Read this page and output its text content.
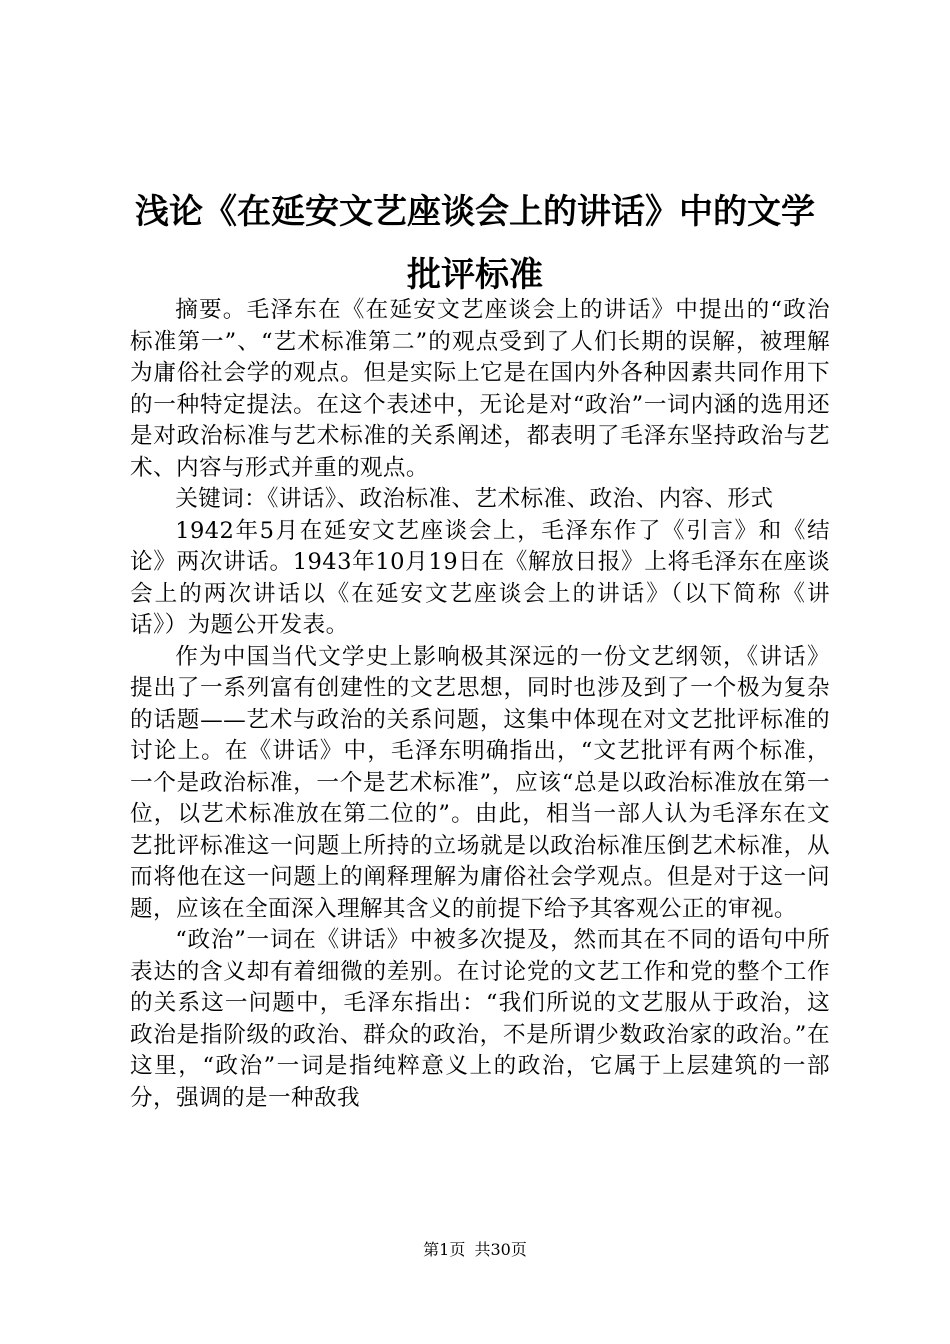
浅论《在延安文艺座谈会上的讲话》中的文学
批评标准

摘要。毛泽东在《在延安文艺座谈会上的讲话》中提出的“政治标准第一”、“艺术标准第二”的观点受到了人们长期的误解，被理解为庸俗社会学的观点。但是实际上它是在国内外各种因素共同作用下的一种特定提法。在这个表述中，无论是对“政治”一词内涵的选用还是对政治标准与艺术标准的关系阐述，都表明了毛泽东坚持政治与艺术、内容与形式并重的观点。

关键词：《讲话》、政治标准、艺术标准、政治、内容、形式

1942年5月在延安文艺座谈会上，毛泽东作了《引言》和《结论》两次讲话。1943年10月19日在《解放日报》上将毛泽东在座谈会上的两次讲话以《在延安文艺座谈会上的讲话》（以下简称《讲话》）为题公开发表。

作为中国当代文学史上影响极其深远的一份文艺纲领，《讲话》提出了一系列富有创建性的文艺思想，同时也涉及到了一个极为复杂的话题——艺术与政治的关系问题，这集中体现在对文艺批评标准的讨论上。在《讲话》中，毛泽东明确指出，“文艺批评有两个标准，一个是政治标准，一个是艺术标准”，应该“总是以政治标准放在第一位，以艺术标准放在第二位的”。由此，相当一部人认为毛泽东在文艺批评标准这一问题上所持的立场就是以政治标准压倒艺术标准，从而将他在这一问题上的阐释理解为庸俗社会学观点。但是对于这一问题，应该在全面深入理解其含义的前提下给予其客观公正的审视。

“政治”一词在《讲话》中被多次提及，然而其在不同的语句中所表达的含义却有着细微的差别。在讨论党的文艺工作和党的整个工作的关系这一问题中，毛泽东指出：“我们所说的文艺服从于政治，这政治是指阶级的政治、群众的政治，不是所谓少数政治家的政治。”在这里，“政治”一词是指纯粹意义上的政治，它属于上层建筑的一部分，强调的是一种敌我

第1页 共30页
